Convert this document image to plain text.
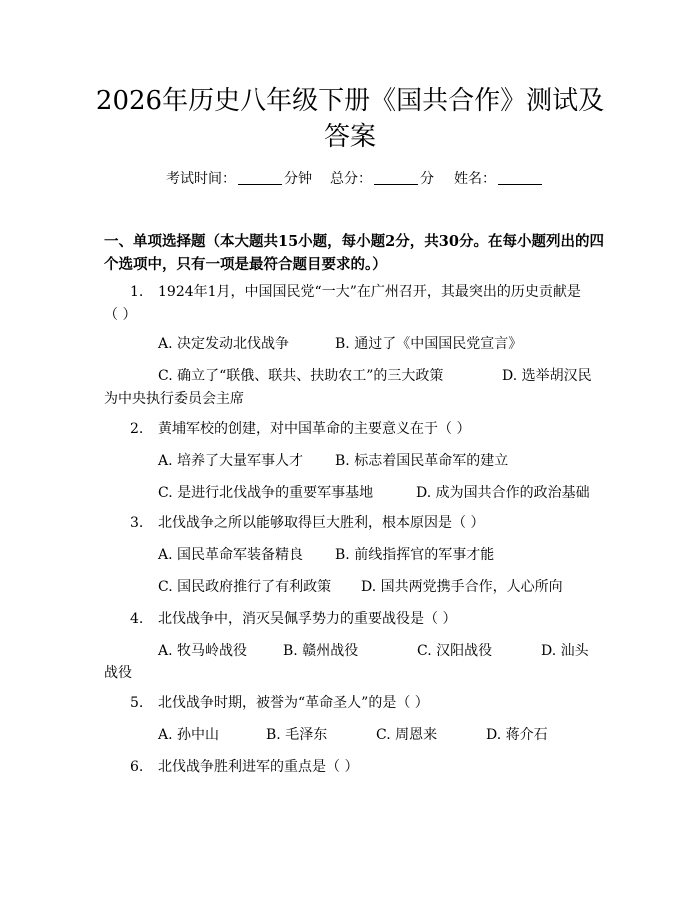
2026年历史八年级下册《国共合作》测试及
答案
考试时间：	分钟 总分：	分 姓名：
一、单项选择题（本大题共15小题，每小题2分，共30分。在每小题列出的四
个选项中，只有一项是最符合题目要求的。）
1. 1924年1月，中国国民党“一大”在广州召开，其最突出的历史贡献是
（ ）
A. 决定发动北伐战争	B. 通过了《中国国民党宣言》
C. 确立了“联俄、联共、扶助农工”的三大政策	D. 选举胡汉民
为中央执行委员会主席
2. 黄埔军校的创建，对中国革命的主要意义在于（ ）
A. 培养了大量军事人才 B. 标志着国民革命军的建立
C. 是进行北伐战争的重要军事基地	D. 成为国共合作的政治基础
3. 北伐战争之所以能够取得巨大胜利，根本原因是（ ）
A. 国民革命军装备精良 B. 前线指挥官的军事才能
C. 国民政府推行了有利政策 D. 国共两党携手合作，人心所向
4. 北伐战争中，消灭吴佩孚势力的重要战役是（ ）
A. 牧马岭战役	B. 赣州战役	C. 汉阳战役	D. 汕头
战役
5. 北伐战争时期，被誉为“革命圣人”的是（ ）
A. 孙中山	B. 毛泽东	C. 周恩来	D. 蒋介石
6. 北伐战争胜利进军的重点是（ ）
